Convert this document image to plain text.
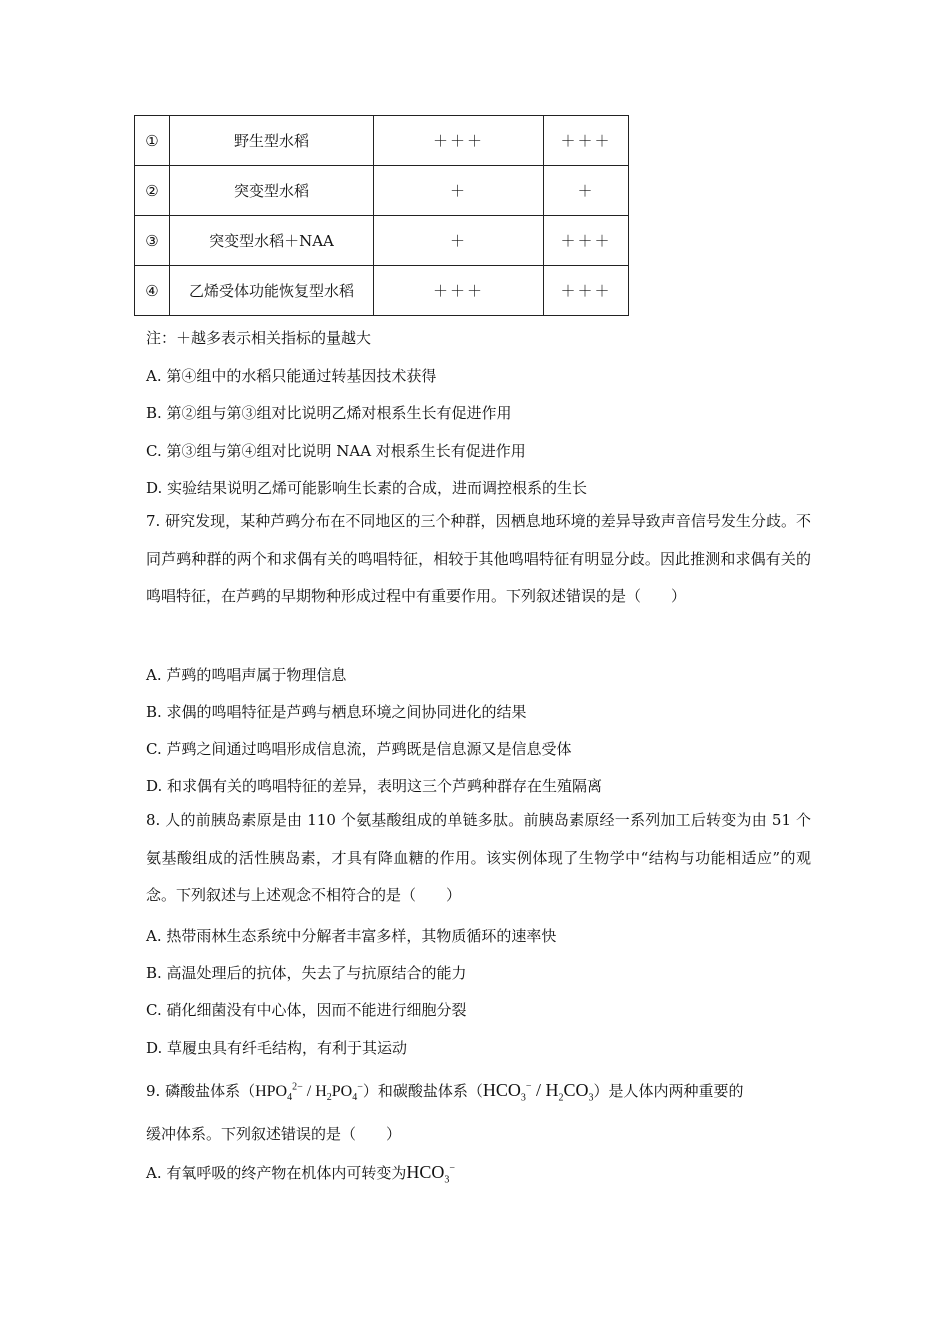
①	野生型水稻	＋＋＋	＋＋＋
②	突变型水稻	＋	＋
③	突变型水稻＋NAA	＋	＋＋＋
④	乙烯受体功能恢复型水稻	＋＋＋	＋＋＋
注：＋越多表示相关指标的量越大
A. 第④组中的水稻只能通过转基因技术获得
B. 第②组与第③组对比说明乙烯对根系生长有促进作用
C. 第③组与第④组对比说明 NAA 对根系生长有促进作用
D. 实验结果说明乙烯可能影响生长素的合成，进而调控根系的生长
7. 研究发现，某种芦鹀分布在不同地区的三个种群，因栖息地环境的差异导致声音信号发生分歧。不同芦鹀种群的两个和求偶有关的鸣唱特征，相较于其他鸣唱特征有明显分歧。因此推测和求偶有关的鸣唱特征，在芦鹀的早期物种形成过程中有重要作用。下列叙述错误的是（　　）
A. 芦鹀的鸣唱声属于物理信息
B. 求偶的鸣唱特征是芦鹀与栖息环境之间协同进化的结果
C. 芦鹀之间通过鸣唱形成信息流，芦鹀既是信息源又是信息受体
D. 和求偶有关的鸣唱特征的差异，表明这三个芦鹀种群存在生殖隔离
8. 人的前胰岛素原是由 110 个氨基酸组成的单链多肽。前胰岛素原经一系列加工后转变为由 51 个氨基酸组成的活性胰岛素，才具有降血糖的作用。该实例体现了生物学中“结构与功能相适应”的观念。下列叙述与上述观念不相符合的是（　　）
A. 热带雨林生态系统中分解者丰富多样，其物质循环的速率快
B. 高温处理后的抗体，失去了与抗原结合的能力
C. 硝化细菌没有中心体，因而不能进行细胞分裂
D. 草履虫具有纤毛结构，有利于其运动
9. 磷酸盐体系$(HPO_4^{2-} / H_2PO_4^-)$和碳酸盐体系$(HCO_3^- / H_2CO_3)$是人体内两种重要的
缓冲体系。下列叙述错误的是（　　）
A. 有氧呼吸的终产物在机体内可转变为$HCO_3^-$
